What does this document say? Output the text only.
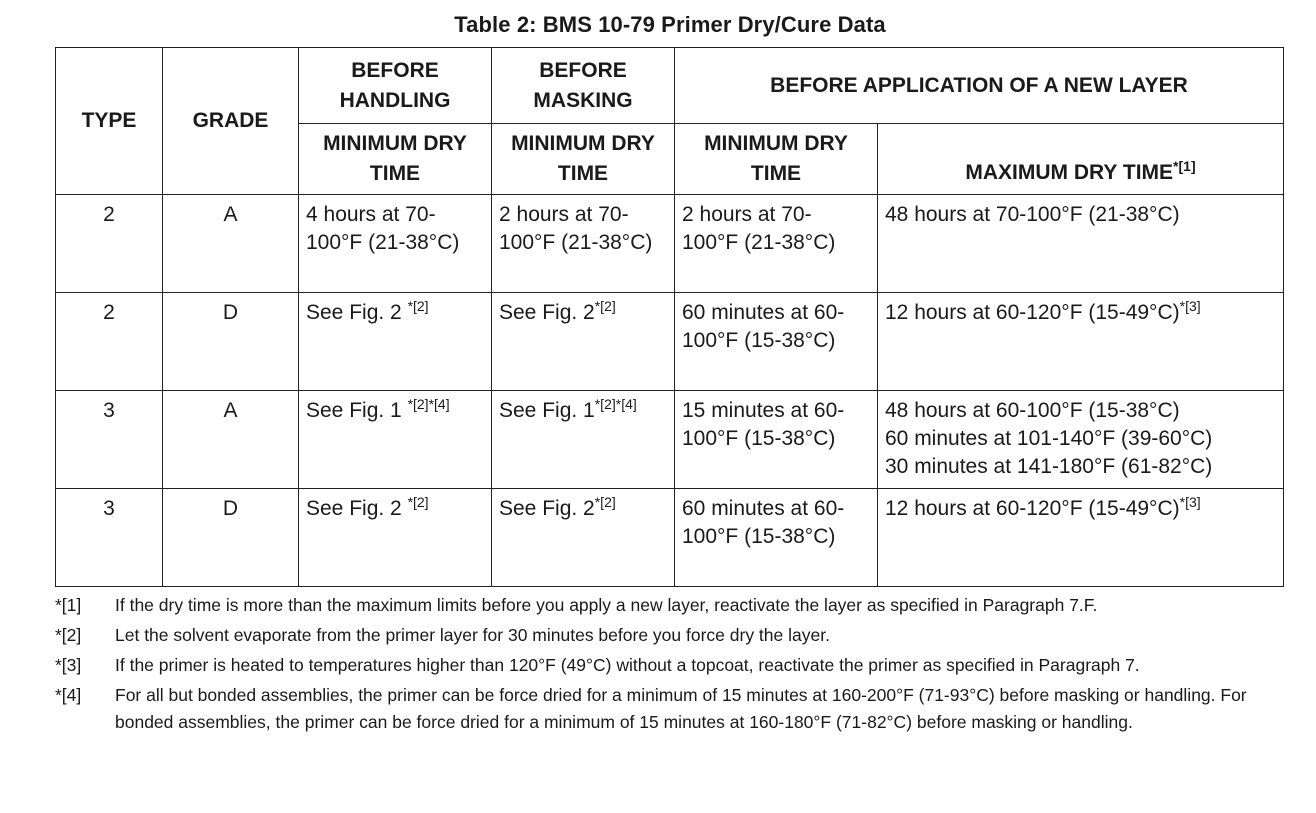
Table 2: BMS 10-79 Primer Dry/Cure Data
TYPE	GRADE	BEFORE HANDLING	BEFORE MASKING	BEFORE APPLICATION OF A NEW LAYER	
		MINIMUM DRY TIME	MINIMUM DRY TIME	MINIMUM DRY TIME	MAXIMUM DRY $TIME^{*[1]}$
2	A	4 hours at 70-100°F (21-38°C)	2 hours at 70-100°F (21-38°C)	2 hours at 70-100°F (21-38°C)	48 hours at 70-100°F (21-38°C)

2	D	See Fig. 2 $^{*[2]}$	See Fig. $2^{*[2]}$	60 minutes at 60-100°F (15-38°C)	12 hours at 60-120°F $(15-49^\circ C)^{*[3]}$

3	A	See Fig. 1 $^{*[2]*[4]}$	See Fig. $1^{*[2]*[4]}$	15 minutes at 60-100°F (15-38°C)	48 hours at 60-100°F (15-38°C)
60 minutes at 101-140°F (39-60°C)
30 minutes at 141-180°F (61-82°C)

3	D	See Fig. 2 $^{*[2]}$	See Fig. $2^{*[2]}$	60 minutes at 60-100°F (15-38°C)	12 hours at 60-120°F $(15-49^\circ C)^{*[3]}$
*[1]	If the dry time is more than the maximum limits before you apply a new layer, reactivate the layer as specified in Paragraph 7.F.
*[2]	Let the solvent evaporate from the primer layer for 30 minutes before you force dry the layer.
*[3]	If the primer is heated to temperatures higher than 120°F (49°C) without a topcoat, reactivate the primer as specified in Paragraph 7.
*[4]	For all but bonded assemblies, the primer can be force dried for a minimum of 15 minutes at 160-200°F (71-93°C) before masking or handling. For bonded assemblies, the primer can be force dried for a minimum of 15 minutes at 160-180°F (71-82°C) before masking or handling.
